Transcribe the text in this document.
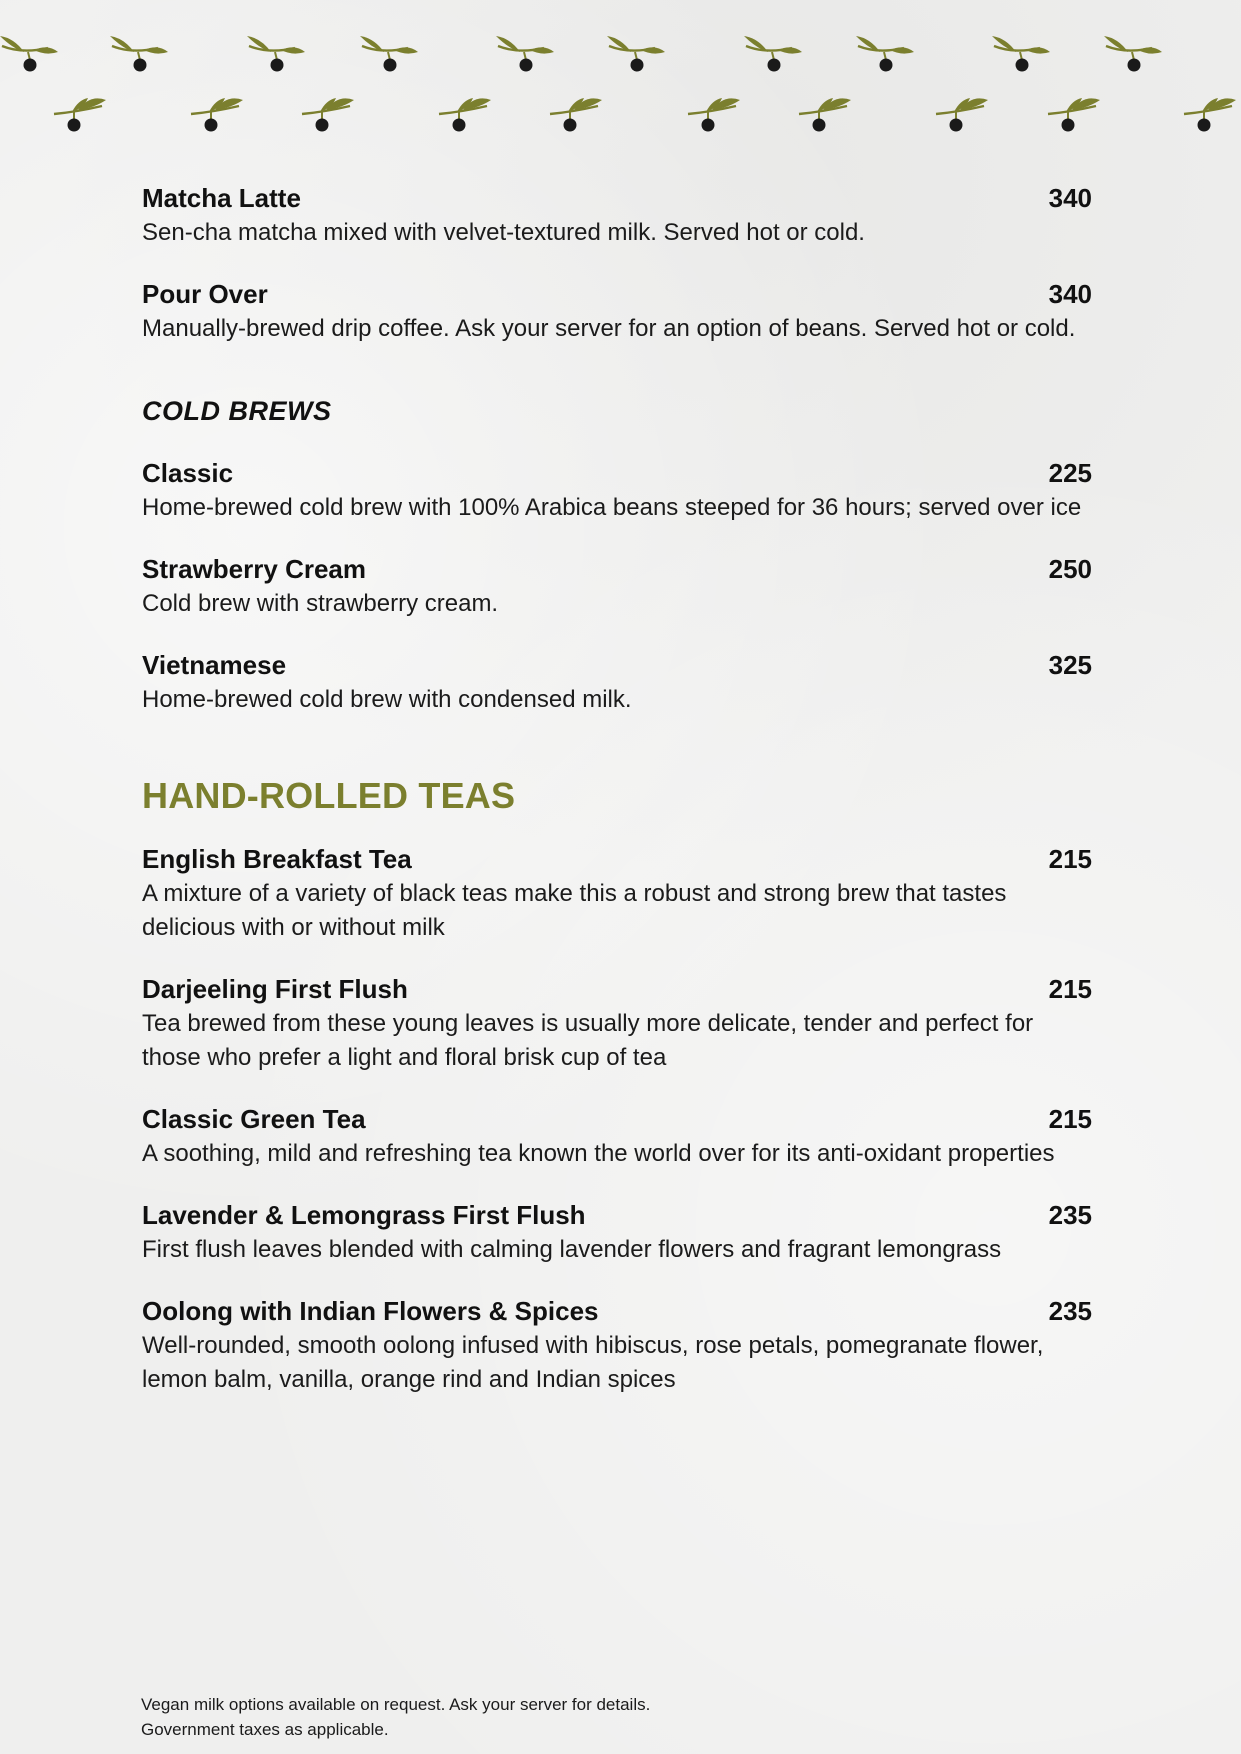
Matcha Latte	340
Sen-cha matcha mixed with velvet-textured milk. Served hot or cold.
Pour Over	340
Manually-brewed drip coffee. Ask your server for an option of beans. Served hot or cold.
COLD BREWS
Classic	225
Home-brewed cold brew with 100% Arabica beans steeped for 36 hours; served over ice
Strawberry Cream	250
Cold brew with strawberry cream.
Vietnamese	325
Home-brewed cold brew with condensed milk.
HAND-ROLLED TEAS
English Breakfast Tea	215
A mixture of a variety of black teas make this a robust and strong brew that tastes delicious with or without milk
Darjeeling First Flush	215
Tea brewed from these young leaves is usually more delicate, tender and perfect for those who prefer a light and floral brisk cup of tea
Classic Green Tea	215
A soothing, mild and refreshing tea known the world over for its anti-oxidant properties
Lavender & Lemongrass First Flush	235
First flush leaves blended with calming lavender flowers and fragrant lemongrass
Oolong with Indian Flowers & Spices	235
Well-rounded, smooth oolong infused with hibiscus, rose petals, pomegranate flower, lemon balm, vanilla, orange rind and Indian spices
Vegan milk options available on request. Ask your server for details.
Government taxes as applicable.
